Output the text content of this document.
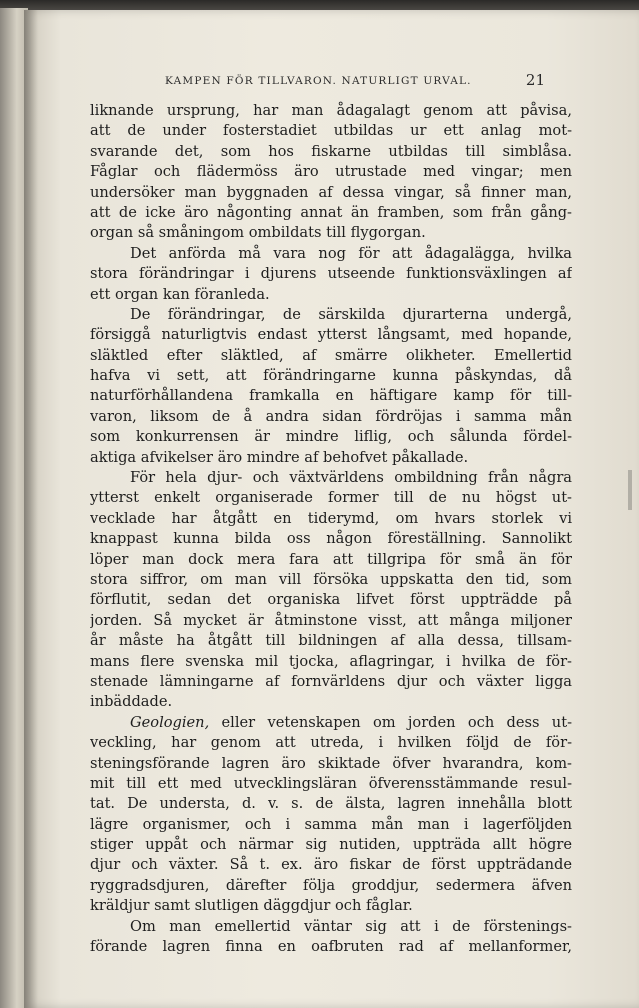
KAMPEN FÖR TILLVARON. NATURLIGT URVAL.	21
liknande ursprung, har man ådagalagt genom att påvisa,
att de under fosterstadiet utbildas ur ett anlag mot-
svarande det, som hos fiskarne utbildas till simblåsa.
Fåglar och flädermöss äro utrustade med vingar; men
undersöker man byggnaden af dessa vingar, så finner man,
att de icke äro någonting annat än framben, som från gång-
organ så småningom ombildats till flygorgan.
Det anförda må vara nog för att ådagalägga, hvilka
stora förändringar i djurens utseende funktionsväxlingen af
ett organ kan föranleda.
De förändringar, de särskilda djurarterna undergå,
försiggå naturligtvis endast ytterst långsamt, med hopande,
släktled efter släktled, af smärre olikheter. Emellertid
hafva vi sett, att förändringarne kunna påskyndas, då
naturförhållandena framkalla en häftigare kamp för till-
varon, liksom de å andra sidan fördröjas i samma mån
som konkurrensen är mindre liflig, och sålunda fördel-
aktiga afvikelser äro mindre af behofvet påkallade.
För hela djur- och växtvärldens ombildning från några
ytterst enkelt organiserade former till de nu högst ut-
vecklade har åtgått en tiderymd, om hvars storlek vi
knappast kunna bilda oss någon föreställning. Sannolikt
löper man dock mera fara att tillgripa för små än för
stora siffror, om man vill försöka uppskatta den tid, som
förflutit, sedan det organiska lifvet först uppträdde på
jorden. Så mycket är åtminstone visst, att många miljoner
år måste ha åtgått till bildningen af alla dessa, tillsam-
mans flere svenska mil tjocka, aflagringar, i hvilka de för-
stenade lämningarne af fornvärldens djur och växter ligga
inbäddade.
Geologien, eller vetenskapen om jorden och dess ut-
veckling, har genom att utreda, i hvilken följd de för-
steningsförande lagren äro skiktade öfver hvarandra, kom-
mit till ett med utvecklingsläran öfverensstämmande resul-
tat. De understa, d. v. s. de älsta, lagren innehålla blott
lägre organismer, och i samma mån man i lagerföljden
stiger uppåt och närmar sig nutiden, uppträda allt högre
djur och växter. Så t. ex. äro fiskar de först uppträdande
ryggradsdjuren, därefter följa groddjur, sedermera äfven
kräldjur samt slutligen däggdjur och fåglar.
Om man emellertid väntar sig att i de förstenings-
förande lagren finna en oafbruten rad af mellanformer,
